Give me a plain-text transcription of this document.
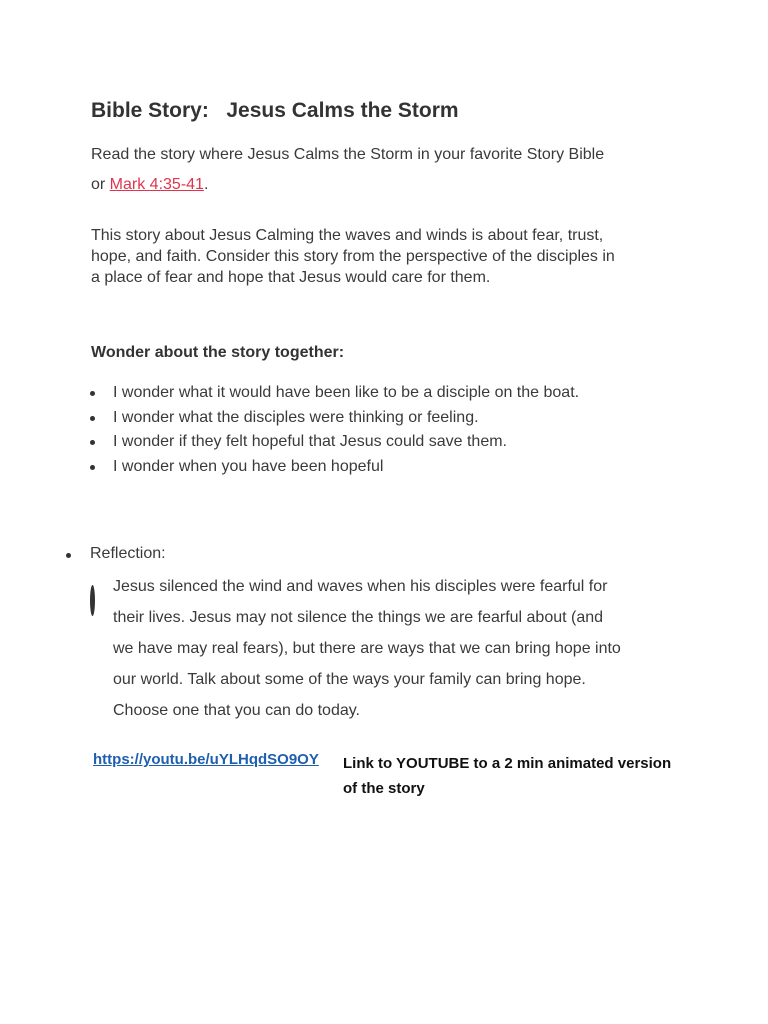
Bible Story:   Jesus Calms the Storm
Read the story where Jesus Calms the Storm in your favorite Story Bible
or Mark 4:35-41.
This story about Jesus Calming the waves and winds is about fear, trust,
hope, and faith. Consider this story from the perspective of the disciples in
a place of fear and hope that Jesus would care for them.
Wonder about the story together:
I wonder what it would have been like to be a disciple on the boat.
I wonder what the disciples were thinking or feeling.
I wonder if they felt hopeful that Jesus could save them.
I wonder when you have been hopeful
Reflection:
Jesus silenced the wind and waves when his disciples were fearful for
their lives. Jesus may not silence the things we are fearful about (and
we have may real fears), but there are ways that we can bring hope into
our world. Talk about some of the ways your family can bring hope.
Choose one that you can do today.
https://youtu.be/uYLHqdSO9OY Link to YOUTUBE to a 2 min animated version
of the story
